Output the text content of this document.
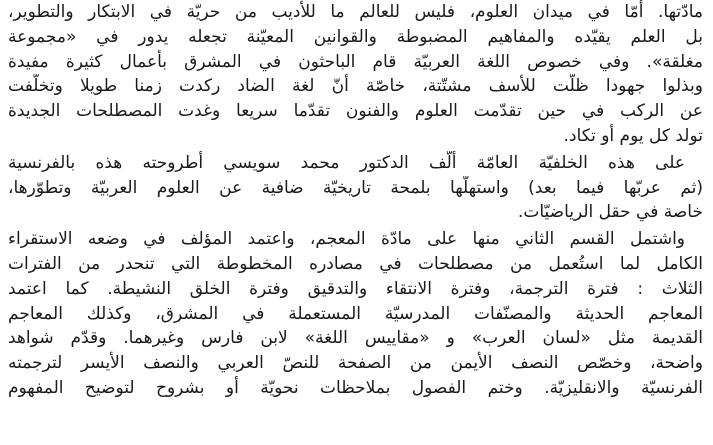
مادّتها. أمّا في ميدان العلوم، فليس للعالم ما للأديب من حريّة في الابتكار والتطوير،
بل العلم يقيّده والمفاهيم المضبوطة والقوانين المعيّنة تجعله يدور في «مجموعة
مغلقة». وفي خصوص اللغة العربيّة قام الباحثون في المشرق بأعمال كثيرة مفيدة
وبذلوا جهودا ظلّت للأسف مشتّتة، خاصّة أنّ لغة الضاد ركدت زمنا طويلا وتخلّفت
عن الركب في حين تقدّمت العلوم والفنون تقدّما سريعا وغدت المصطلحات الجديدة
تولد كل يوم أو تكاد.
على هذه الخلفيّة العامّة ألّف الدكتور محمد سويسي أطروحته هذه بالفرنسية
(ثم عربّها فيما بعد) واستهلّها بلمحة تاريخيّة ضافية عن العلوم العربيّة وتطوّرها،
خاصة في حقل الرياضيّات.
واشتمل القسم الثاني منها على مادّة المعجم، واعتمد المؤلف في وضعه الاستقراء
الكامل لما استُعمل من مصطلحات في مصادره المخطوطة التي تنحدر من الفترات
الثلاث : فترة الترجمة، وفترة الانتقاء والتدقيق وفترة الخلق النشيطة. كما اعتمد
المعاجم الحديثة والمصنّفات المدرسيّة المستعملة في المشرق، وكذلك المعاجم
القديمة مثل «لسان العرب» و «مقاييس اللغة» لابن فارس وغيرهما. وقدّم شواهد
واضحة، وخصّص النصف الأيمن من الصفحة للنصّ العربي والنصف الأيسر لترجمته
الفرنسيّة والانقليزيّة. وختم الفصول بملاحظات نحويّة أو بشروح لتوضيح المفهوم
